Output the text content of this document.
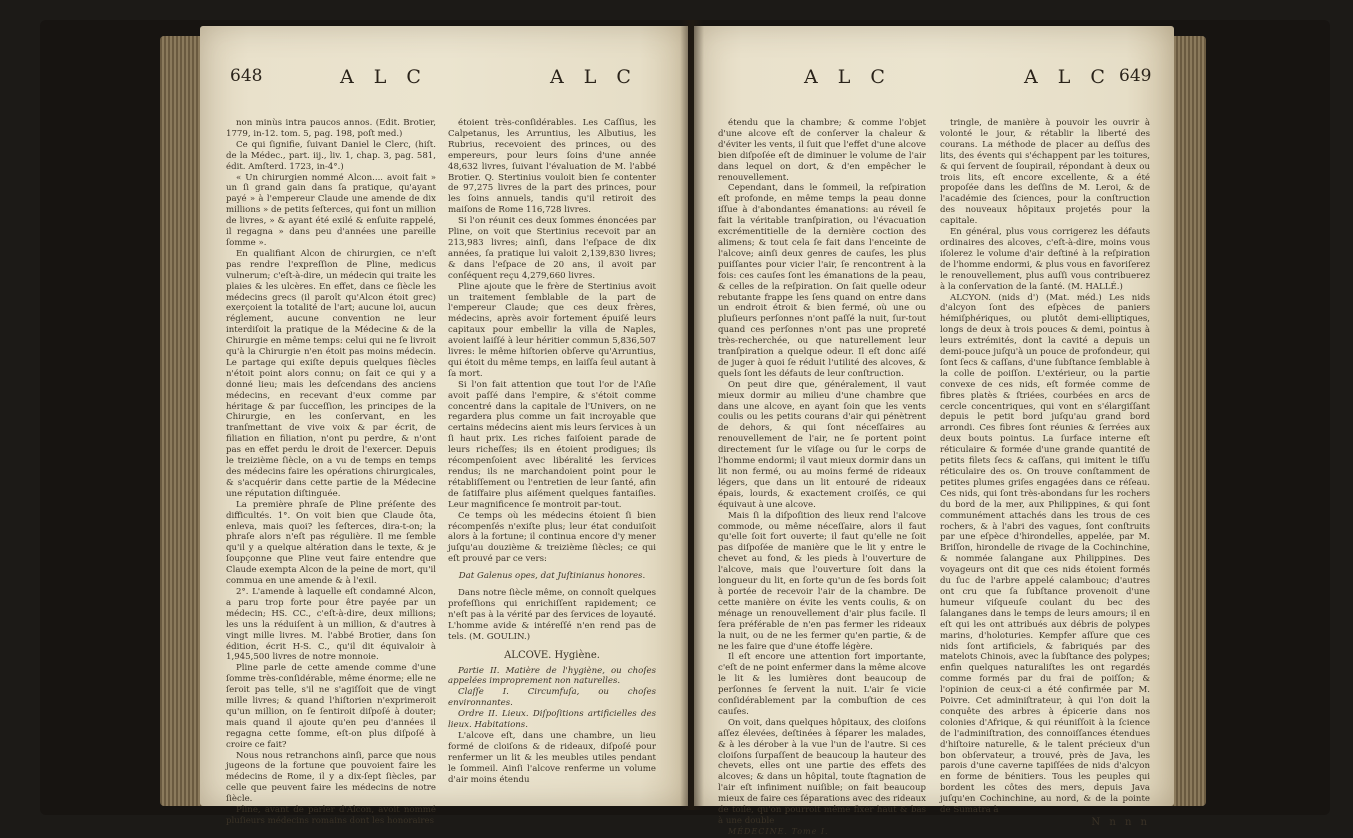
648	A L C	A L C

non minùs intra paucos annos. (Edit. Brotier, 1779, in-12. tom. 5, pag. 198, poſt med.)

Ce qui ſignifie, ſuivant Daniel le Clerc, (hiſt. de la Médec., part. iij., liv. 1, chap. 3, pag. 581, édit. Amſterd. 1723, in-4°.)

« Un chirurgien nommé Alcon.... avoit fait » un ſi grand gain dans ſa pratique, qu'ayant payé » à l'empereur Claude une amende de dix millions » de petits ſeſterces, qui font un million de livres, » & ayant été exilé & enſuite rappelé, il regagna » dans peu d'années une pareille ſomme ».

En qualifiant Alcon de chirurgien, ce n'eſt pas rendre l'expreſſion de Pline, medicus vulnerum; c'eſt-à-dire, un médecin qui traite les plaies & les ulcères. En effet, dans ce ſiècle les médecins grecs (il paroît qu'Alcon étoit grec) exerçoient la totalité de l'art; aucune loi, aucun réglement, aucune convention ne leur interdiſoit la pratique de la Médecine & de la Chirurgie en même temps: celui qui ne ſe livroit qu'à la Chirurgie n'en étoit pas moins médecin. Le partage qui exiſte depuis quelques ſiècles n'étoit point alors connu; on ſait ce qui y a donné lieu; mais les deſcendans des anciens médecins, en recevant d'eux comme par héritage & par ſucceſſion, les principes de la Chirurgie, en les conſervant, en les tranſmettant de vive voix & par écrit, de filiation en filiation, n'ont pu perdre, & n'ont pas en effet perdu le droit de l'exercer. Depuis le treizième ſiècle, on a vu de temps en temps des médecins faire les opérations chirurgicales, & s'acquérir dans cette partie de la Médecine une réputation diſtinguée.

La première phraſe de Pline préſente des difficultés. 1°. On voit bien que Claude ôta, enleva, mais quoi? les ſeſterces, dira-t-on; la phraſe alors n'eſt pas régulière. Il me ſemble qu'il y a quelque altération dans le texte, & je ſoupçonne que Pline veut faire entendre que Claude exempta Alcon de la peine de mort, qu'il commua en une amende & à l'exil.

2°. L'amende à laquelle eſt condamné Alcon, a paru trop forte pour être payée par un médecin; HS. CC., c'eſt-à-dire, deux millions; les uns la réduiſent à un million, & d'autres à vingt mille livres. M. l'abbé Brotier, dans ſon édition, écrit H-S. C., qu'il dit équivaloir à 1,945,500 livres de notre monnoie.

Pline parle de cette amende comme d'une ſomme très-conſidérable, même énorme; elle ne ſeroit pas telle, s'il ne s'agiſſoit que de vingt mille livres; & quand l'hiſtorien n'exprimeroit qu'un million, on ſe ſentiroit diſpoſé à douter; mais quand il ajoute qu'en peu d'années il regagna cette ſomme, eſt-on plus diſpoſé à croire ce fait?

Nous nous retranchons ainſi, parce que nous jugeons de la fortune que pouvoient faire les médecins de Rome, il y a dix-ſept ſiècles, par celle que peuvent faire les médecins de notre ſiècle.

Pline, avant de parler d'Alcon, avoit nommé pluſieurs médecins romains dont les honoraires

étoient très-conſidérables. Les Caſſius, les Calpetanus, les Arruntius, les Albutius, les Rubrius, recevoient des princes, ou des empereurs, pour leurs ſoins d'une année 48,632 livres, ſuivant l'évaluation de M. l'abbé Brotier. Q. Stertinius vouloit bien ſe contenter de 97,275 livres de la part des princes, pour les ſoins annuels, tandis qu'il retiroit des maiſons de Rome 116,728 livres.

Si l'on réunit ces deux ſommes énoncées par Pline, on voit que Stertinius recevoit par an 213,983 livres; ainſi, dans l'eſpace de dix années, ſa pratique lui valoit 2,139,830 livres; & dans l'eſpace de 20 ans, il avoit par conſéquent reçu 4,279,660 livres.

Pline ajoute que le frère de Stertinius avoit un traitement ſemblable de la part de l'empereur Claude; que ces deux frères, médecins, après avoir fortement épuiſé leurs capitaux pour embellir la villa de Naples, avoient laiſſé à leur héritier commun 5,836,507 livres: le même hiſtorien obſerve qu'Arruntius, qui étoit du même temps, en laiſſa ſeul autant à ſa mort.

Si l'on fait attention que tout l'or de l'Aſie avoit paſſé dans l'empire, & s'étoit comme concentré dans la capitale de l'Univers, on ne regardera plus comme un fait incroyable que certains médecins aient mis leurs ſervices à un ſi haut prix. Les riches faiſoient parade de leurs richeſſes; ils en étoient prodigues; ils récompenſoient avec libéralité les ſervices rendus; ils ne marchandoient point pour le rétabliſſement ou l'entretien de leur ſanté, afin de ſatiſfaire plus aiſément quelques fantaiſies. Leur magnificence ſe montroit par-tout.

Ce temps où les médecins étoient ſi bien récompenſés n'exiſte plus; leur état conduiſoit alors à la fortune; il continua encore d'y mener juſqu'au douzième & treizième ſiècles; ce qui eſt prouvé par ce vers:

Dat Galenus opes, dat Juſtinianus honores.

Dans notre ſiècle même, on connoît quelques profeſſions qui enrichiſſent rapidement; ce n'eſt pas à la vérité par des ſervices de loyauté. L'homme avide & intéreſſé n'en rend pas de tels. (M. GOULIN.)

ALCOVE. Hygiène.

Partie II. Matière de l'hygiène, ou choſes appelées improprement non naturelles.

Claſſe I. Circumfuſa, ou choſes environnantes.

Ordre II. Lieux. Diſpoſitions artificielles des lieux. Habitations.

L'alcove eſt, dans une chambre, un lieu formé de cloiſons & de rideaux, diſpoſé pour renfermer un lit & les meubles utiles pendant le ſommeil. Ainſi l'alcove renferme un volume d'air moins étendu

A L C	A L C 649

étendu que la chambre; & comme l'objet d'une alcove eſt de conſerver la chaleur & d'éviter les vents, il ſuit que l'effet d'une alcove bien diſpoſée eſt de diminuer le volume de l'air dans lequel on dort, & d'en empêcher le renouvellement.

Cependant, dans le ſommeil, la reſpiration eſt profonde, en même temps la peau donne iſſue à d'abondantes émanations: au réveil ſe fait la véritable tranſpiration, ou l'évacuation excrémentitielle de la dernière coction des alimens; & tout cela ſe fait dans l'enceinte de l'alcove; ainſi deux genres de cauſes, les plus puiſſantes pour vicier l'air, ſe rencontrent à la fois: ces cauſes ſont les émanations de la peau, & celles de la reſpiration. On ſait quelle odeur rebutante frappe les ſens quand on entre dans un endroit étroit & bien fermé, où une ou pluſieurs perſonnes n'ont paſſé la nuit, ſur-tout quand ces perſonnes n'ont pas une propreté très-recherchée, ou que naturellement leur tranſpiration a quelque odeur. Il eſt donc aiſé de juger à quoi ſe réduit l'utilité des alcoves, & quels ſont les défauts de leur conſtruction.

On peut dire que, généralement, il vaut mieux dormir au milieu d'une chambre que dans une alcove, en ayant ſoin que les vents coulis ou les petits courans d'air qui pénètrent de dehors, & qui ſont néceſſaires au renouvellement de l'air, ne ſe portent point directement ſur le viſage ou ſur le corps de l'homme endormi; il vaut mieux dormir dans un lit non fermé, ou au moins fermé de rideaux légers, que dans un lit entouré de rideaux épais, lourds, & exactement croiſés, ce qui équivaut à une alcove.

Mais ſi la diſpoſition des lieux rend l'alcove commode, ou même néceſſaire, alors il faut qu'elle ſoit fort ouverte; il faut qu'elle ne ſoit pas diſpoſée de manière que le lit y entre le chevet au fond, & les pieds à l'ouverture de l'alcove, mais que l'ouverture ſoit dans la longueur du lit, en ſorte qu'un de ſes bords ſoit à portée de recevoir l'air de la chambre. De cette manière on évite les vents coulis, & on ménage un renouvellement d'air plus facile. Il ſera préférable de n'en pas fermer les rideaux la nuit, ou de ne les fermer qu'en partie, & de ne les faire que d'une étoffe légère.

Il eſt encore une attention fort importante, c'eſt de ne point enfermer dans la même alcove le lit & les lumières dont beaucoup de perſonnes ſe ſervent la nuit. L'air ſe vicie conſidérablement par la combuſtion de ces cauſes.

On voit, dans quelques hôpitaux, des cloiſons aſſez élevées, deſtinées à ſéparer les malades, & à les dérober à la vue l'un de l'autre. Si ces cloiſons ſurpaſſent de beaucoup la hauteur des chevets, elles ont une partie des effets des alcoves; & dans un hôpital, toute ſtagnation de l'air eſt infiniment nuiſible; on fait beaucoup mieux de faire ces ſéparations avec des rideaux de toile, qu'on pourroit même fixer haut & bas à une double

MÉDECINE. Tome I.

tringle, de manière à pouvoir les ouvrir à volonté le jour, & rétablir la liberté des courans. La méthode de placer au deſſus des lits, des évents qui s'échappent par les toitures, & qui ſervent de ſoupirail, répondant à deux ou trois lits, eſt encore excellente, & a été propoſée dans les deſſins de M. Leroi, & de l'académie des ſciences, pour la conſtruction des nouveaux hôpitaux projetés pour la capitale.

En général, plus vous corrigerez les défauts ordinaires des alcoves, c'eſt-à-dire, moins vous iſolerez le volume d'air deſtiné à la reſpiration de l'homme endormi, & plus vous en favoriſerez le renouvellement, plus auſſi vous contribuerez à la conſervation de la ſanté. (M. HALLÉ.)

ALCYON. (nids d') (Mat. méd.) Les nids d'alcyon ſont des eſpèces de paniers hémiſphériques, ou plutôt demi-elliptiques, longs de deux à trois pouces & demi, pointus à leurs extrémités, dont la cavité a depuis un demi-pouce juſqu'à un pouce de profondeur, qui ſont ſecs & caſſans, d'une ſubſtance ſemblable à la colle de poiſſon. L'extérieur, ou la partie convexe de ces nids, eſt formée comme de fibres platès & ſtriées, courbées en arcs de cercle concentriques, qui vont en s'élargiſſant depuis le petit bord juſqu'au grand bord arrondi. Ces fibres ſont réunies & ſerrées aux deux bouts pointus. La ſurface interne eſt réticulaire & formée d'une grande quantité de petits filets ſecs & caſſans, qui imitent le tiſſu réticulaire des os. On trouve conſtamment de petites plumes griſes engagées dans ce réſeau. Ces nids, qui ſont très-abondans ſur les rochers du bord de la mer, aux Philippines, & qui ſont communément attachés dans les trous de ces rochers, & à l'abri des vagues, ſont conſtruits par une eſpèce d'hirondelles, appelée, par M. Briſſon, hirondelle de rivage de la Cochinchine, & nommée ſalangane aux Philippines. Des voyageurs ont dit que ces nids étoient formés du ſuc de l'arbre appelé calambouc; d'autres ont cru que ſa ſubſtance provenoit d'une humeur viſqueuſe coulant du bec des ſalanganes dans le temps de leurs amours; il en eſt qui les ont attribués aux débris de polypes marins, d'holoturies. Kempfer aſſure que ces nids ſont artificiels, & fabriqués par des matelots Chinois, avec la ſubſtance des polypes; enfin quelques naturaliſtes les ont regardés comme formés par du frai de poiſſon; & l'opinion de ceux-ci a été confirmée par M. Poivre. Cet adminiſtrateur, à qui l'on doit la conquête des arbres à épicerie dans nos colonies d'Afrique, & qui réuniſſoit à la ſcience de l'adminiſtration, des connoiſſances étendues d'hiſtoire naturelle, & le talent précieux d'un bon obſervateur, a trouvé, près de Java, les parois d'une caverne tapiſſées de nids d'alcyon en forme de bénitiers. Tous les peuples qui bordent les côtes des mers, depuis Java juſqu'en Cochinchine, au nord, & de la pointe de Sumatra à

N n n n
